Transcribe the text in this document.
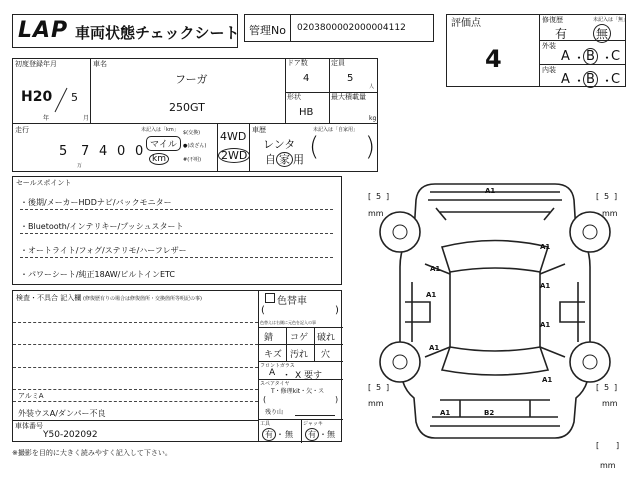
LAP 車両状態チェックシート 管理No 0203800002000004112	評価点
4
修復歴	未記入は「無」
有 無
外装
A ・ B ・
C
内装
A ・ B ・
C
初度登録年月
H20 5
年	月
車名
フーガ
250GT
ドア数
4
定員
5
人
形状
HB
最大積載量
kg
走行
5 7 4 0 0
万
未記入は「km」
マイル
km
$(交換)
●(改ざん)
#(不明)
4WD
2WD
車歴	未記入は「自家用」
レンタ
自 家 用 ( )
セールスポイント
・後期/メーカーHDDナビ/バックモニター
・Bluetooth/インテリキー/プッシュスタート
・オートライト/フォグ/ステリモ/ハーフレザー
・パワーシート/純正18AW/ビルトインETC
検査・不具合 記入欄 (修復歴有りの場合は修復箇所・交換箇所等明記の事)
アルミA
外装ウスA/ダンパー不良
車体番号
Y50-202092
色替車
(	)
色替えは右側に元色を記入の事
錆 コゲ 破れ
キズ 汚れ 穴
フロントガラス
A ・ X 要す
スペアタイヤ
T・修理kit・欠・ス
(	)
残り山
工具
有 ・ 無
ジャッキ
有 ・ 無
※撮影を目的に大きく読みやすく記入して下さい。
[ 5 ]
mm
[ 5 ]
mm
[ 5 ]
mm
[ 5 ]
mm
[ ]
mm
A1
A1
A1
A1
A1
A1
A1
A1
A1	B2
